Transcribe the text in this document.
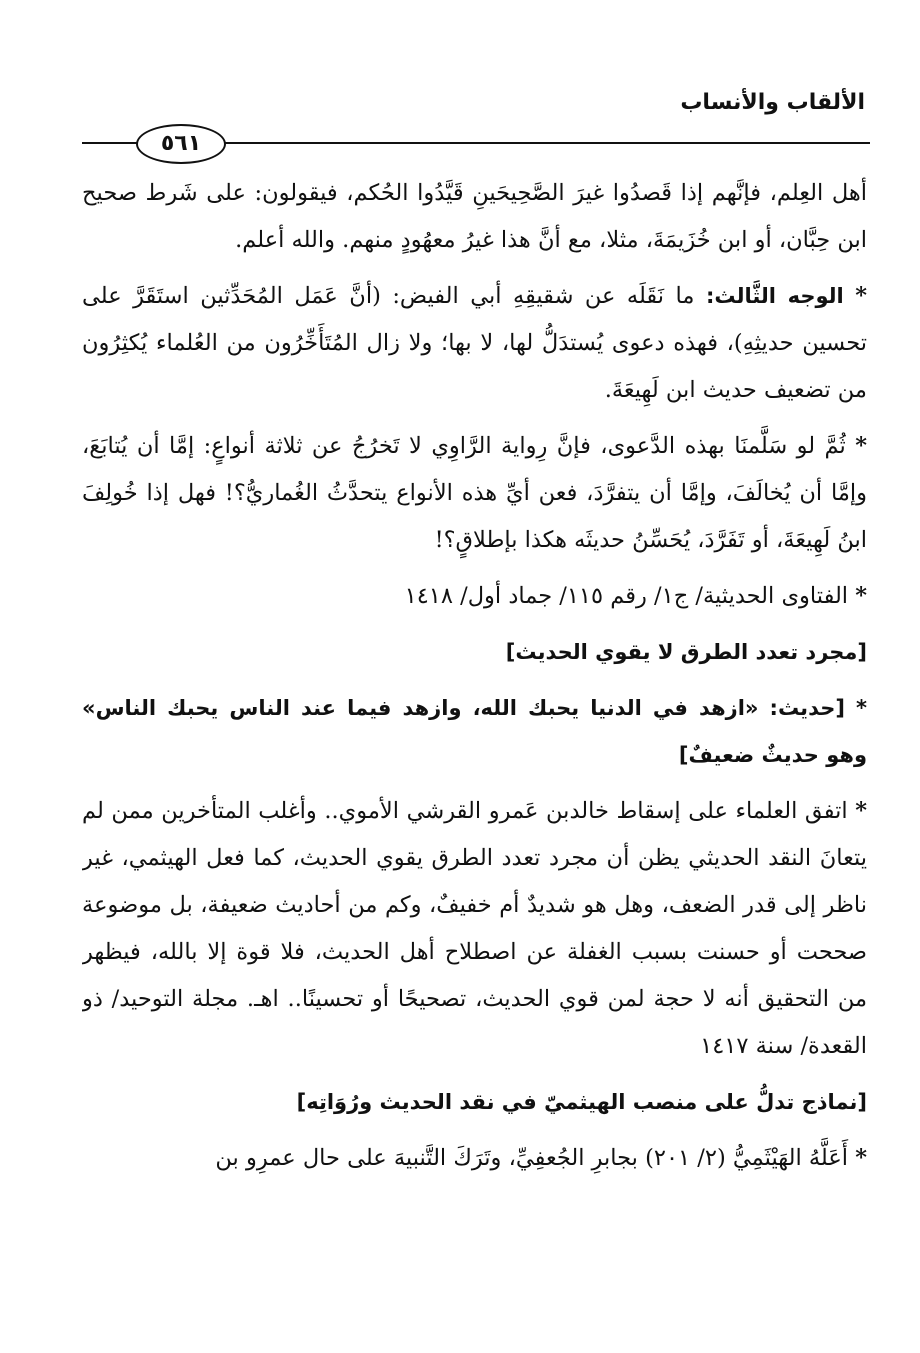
الألقاب والأنساب
٥٦١

أهل العِلم، فإنَّهم إذا قَصدُوا غيرَ الصَّحِيحَينِ قَيَّدُوا الحُكم، فيقولون: على شَرط صحيح ابن حِبَّان، أو ابن خُزَيمَةَ، مثلا، مع أنَّ هذا غيرُ معهُودٍ منهم. والله أعلم.

* الوجه الثَّالث: ما نَقَلَه عن شقيقِهِ أبي الفيض: (أنَّ عَمَل المُحَدِّثين استَقَرَّ على تحسين حديثِهِ)، فهذه دعوى يُستدَلُّ لها، لا بها؛ ولا زال المُتَأَخِّرُون من العُلماء يُكثِرُون من تضعيف حديث ابن لَهِيعَةَ.

* ثُمَّ لو سَلَّمنَا بهذه الدَّعوى، فإنَّ رِواية الرَّاوِي لا تَخرُجُ عن ثلاثة أنواعٍ: إمَّا أن يُتابَعَ، وإمَّا أن يُخالَفَ، وإمَّا أن يتفرَّدَ، فعن أيِّ هذه الأنواع يتحدَّثُ الغُماريُّ؟! فهل إذا خُولِفَ ابنُ لَهِيعَةَ، أو تَفَرَّدَ، يُحَسِّنُ حديثَه هكذا بإطلاقٍ؟!

* الفتاوى الحديثية/ ج١/ رقم ١١٥/ جماد أول/ ١٤١٨

[مجرد تعدد الطرق لا يقوي الحديث]

* [حديث: «ازهد في الدنيا يحبك الله، وازهد فيما عند الناس يحبك الناس» وهو حديثٌ ضعيفٌ]

* اتفق العلماء على إسقاط خالدبن عَمرو القرشي الأموي.. وأغلب المتأخرين ممن لم يتعانَ النقد الحديثي يظن أن مجرد تعدد الطرق يقوي الحديث، كما فعل الهيثمي، غير ناظر إلى قدر الضعف، وهل هو شديدٌ أم خفيفٌ، وكم من أحاديث ضعيفة، بل موضوعة صححت أو حسنت بسبب الغفلة عن اصطلاح أهل الحديث، فلا قوة إلا بالله، فيظهر من التحقيق أنه لا حجة لمن قوي الحديث، تصحيحًا أو تحسينًا.. اهـ. مجلة التوحيد/ ذو القعدة/ سنة ١٤١٧

[نماذج تدلُّ على منصب الهيثميّ في نقد الحديث ورُوَاتِه]

* أَعَلَّهُ الهَيْثَمِيُّ (٢/ ٢٠١) بجابرِ الجُعفِيِّ، وتَرَكَ التَّنبيهَ على حال عمرِو بن
